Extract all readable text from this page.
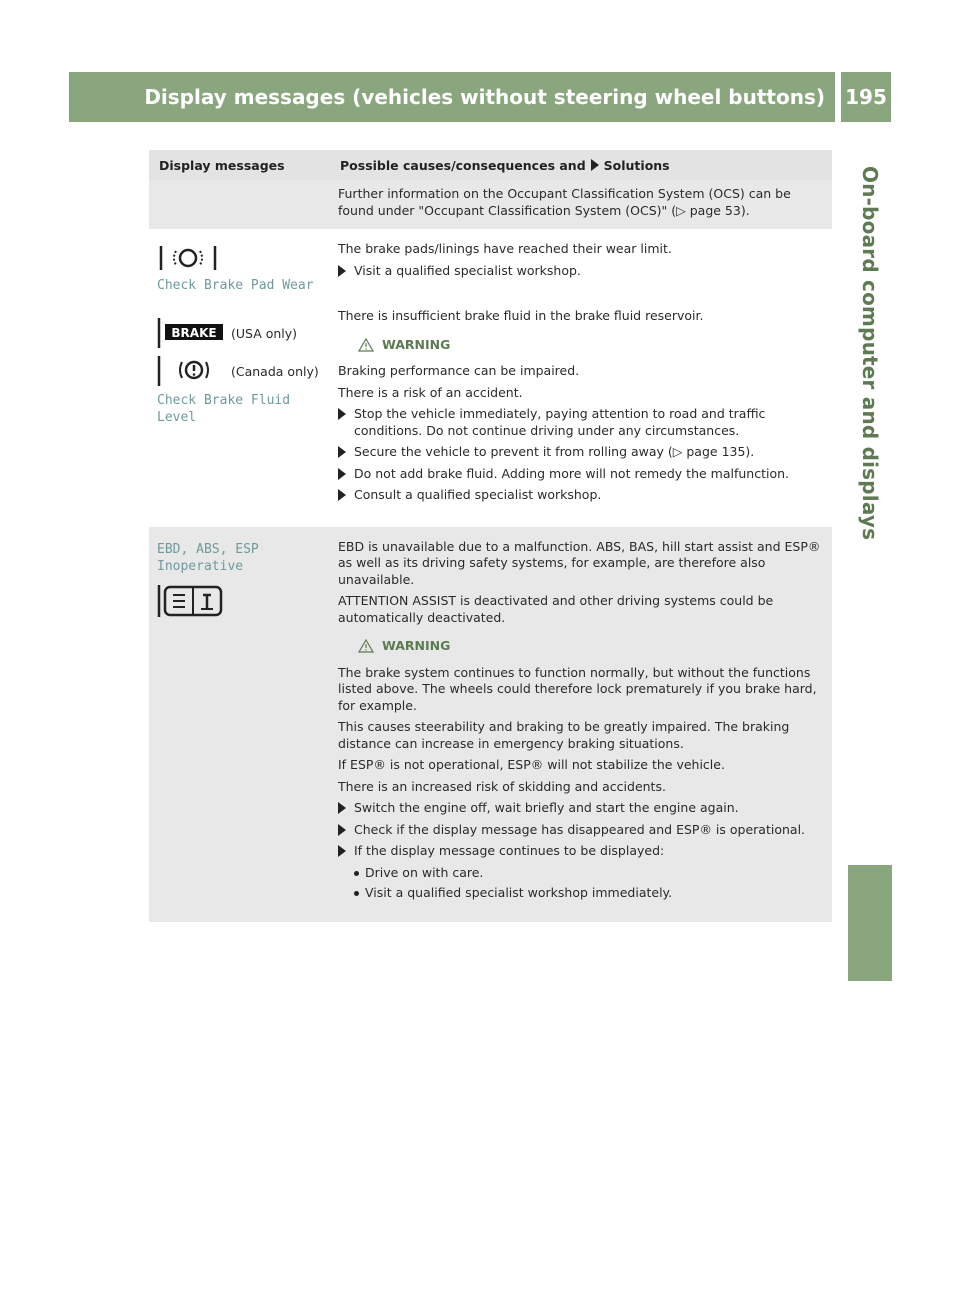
Display messages (vehicles without steering wheel buttons)	195
On-board computer and displays
Display messages	Possible causes/consequences and Solutions
Further information on the Occupant Classification System (OCS) can be found under "Occupant Classification System (OCS)" (▷ page 53).
Check Brake Pad Wear
BRAKE (USA only)
(Canada only)
Check Brake Fluid Level
The brake pads/linings have reached their wear limit.
Visit a qualified specialist workshop.
There is insufficient brake fluid in the brake fluid reservoir.
WARNING
Braking performance can be impaired.
There is a risk of an accident.
Stop the vehicle immediately, paying attention to road and traffic conditions. Do not continue driving under any circumstances.
Secure the vehicle to prevent it from rolling away (▷ page 135).
Do not add brake fluid. Adding more will not remedy the malfunction.
Consult a qualified specialist workshop.
EBD, ABS, ESP Inoperative
EBD is unavailable due to a malfunction. ABS, BAS, hill start assist and ESP® as well as its driving safety systems, for example, are therefore also unavailable.
ATTENTION ASSIST is deactivated and other driving systems could be automatically deactivated.
WARNING
The brake system continues to function normally, but without the functions listed above. The wheels could therefore lock prematurely if you brake hard, for example.
This causes steerability and braking to be greatly impaired. The braking distance can increase in emergency braking situations.
If ESP® is not operational, ESP® will not stabilize the vehicle.
There is an increased risk of skidding and accidents.
Switch the engine off, wait briefly and start the engine again.
Check if the display message has disappeared and ESP® is operational.
If the display message continues to be displayed:
Drive on with care.
Visit a qualified specialist workshop immediately.
